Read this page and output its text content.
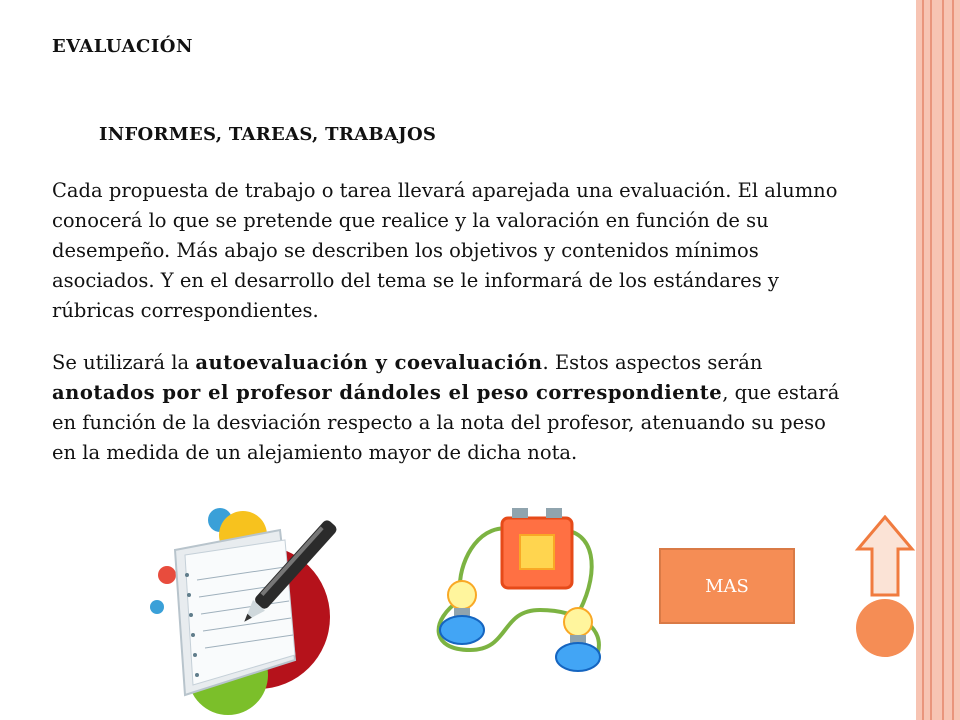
EVALUACIÓN
INFORMES, TAREAS, TRABAJOS

Cada propuesta de trabajo o tarea llevará aparejada una evaluación. El alumno conocerá lo que se pretende que realice y la valoración en función de su desempeño. Más abajo se describen los objetivos y contenidos mínimos asociados. Y en el desarrollo del tema se le informará de los estándares y rúbricas correspondientes.

Se utilizará la autoevaluación y coevaluación. Estos aspectos serán anotados por el profesor dándoles el peso correspondiente, que estará en función de la desviación respecto a la nota del profesor, atenuando su peso en la medida de un alejamiento mayor de dicha nota.

MAS
